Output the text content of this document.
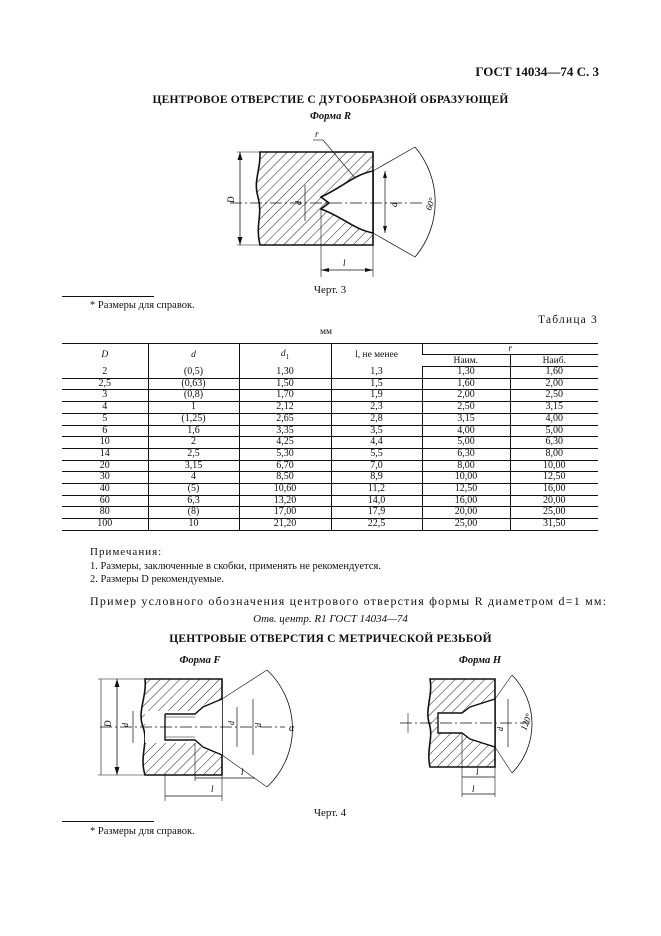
ГОСТ 14034—74 С. 3
ЦЕНТРОВОЕ ОТВЕРСТИЕ С ДУГООБРАЗНОЙ ОБРАЗУЮЩЕЙ
Форма R
D	d	d
r
60°
l
Черт. 3
* Размеры для справок.
Таблица 3
мм
D	d	$d_1$	l, не менее	r	
				Наим.	Наиб.
2	(0,5)	1,30	1,3	1,30	1,60
2,5	(0,63)	1,50	1,5	1,60	2,00
3	(0,8)	1,70	1,9	2,00	2,50
4	1	2,12	2,3	2,50	3,15
5	(1,25)	2,65	2,8	3,15	4,00
6	1,6	3,35	3,5	4,00	5,00
10	2	4,25	4,4	5,00	6,30
14	2,5	5,30	5,5	6,30	8,00
20	3,15	6,70	7,0	8,00	10,00
30	4	8,50	8,9	10,00	12,50
40	(5)	10,60	11,2	12,50	16,00
60	6,3	13,20	14,0	16,00	20,00
80	(8)	17,00	17,9	20,00	25,00
100	10	21,20	22,5	25,00	31,50
Примечания:
1. Размеры, заключенные в скобки, применять не рекомендуется.
2. Размеры D рекомендуемые.
Пример условного обозначения центрового отверстия формы R диаметром d=1 мм:
Отв. центр. R1 ГОСТ 14034—74
ЦЕНТРОВЫЕ ОТВЕРСТИЯ С МЕТРИЧЕСКОЙ РЕЗЬБОЙ
Форма F	Форма H
D d	d d	α
l
l
d 120°
l
l
Черт. 4
* Размеры для справок.
